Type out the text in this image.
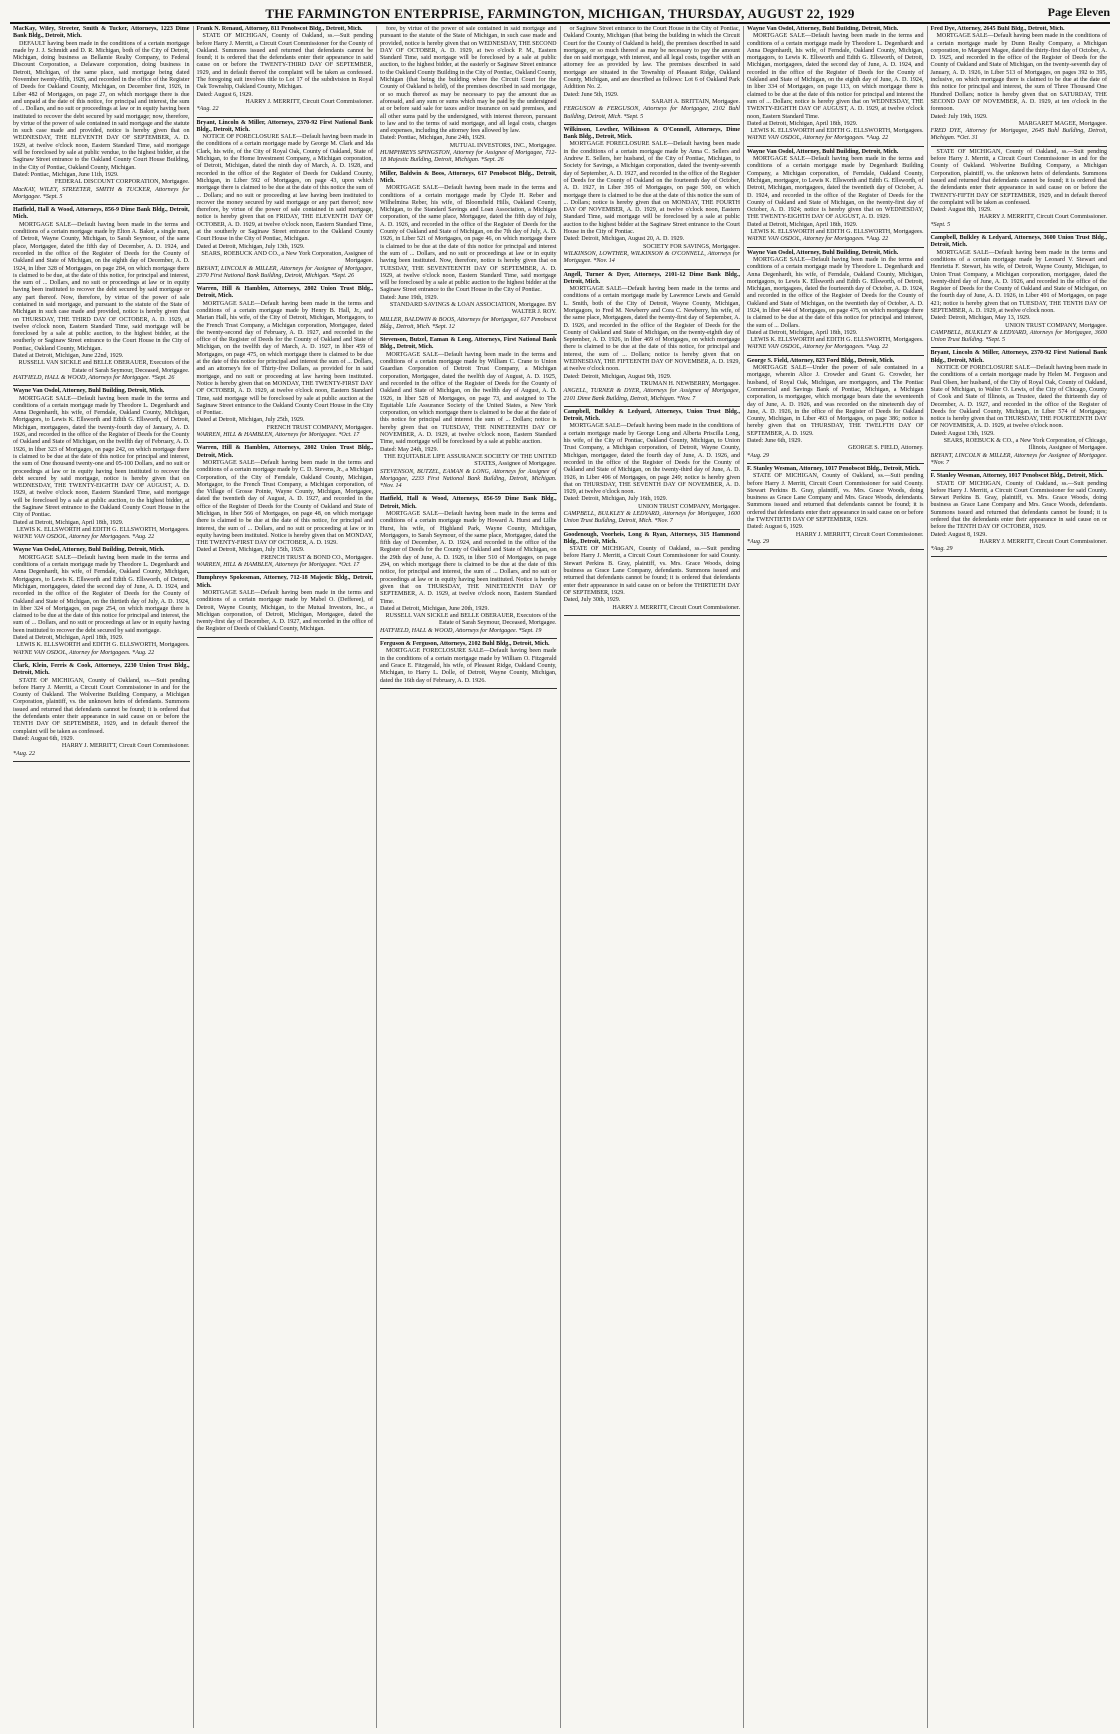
THE FARMINGTON ENTERPRISE, FARMINGTON, MICHIGAN, THURSDAY, AUGUST 22, 1929	Page Eleven
MacKay, Wiley, Streeter, Smith & Tucker, Attorneys, 1223 Dime Bank Bldg., Detroit, Mich.
DEFAULT having been made in the conditions of a certain mortgage made by J. J. Schmidt and D. R. Michigan, both of the City of Detroit, Michigan, doing business as Bellamie Realty Company, to Federal Discount Corporation, a Delaware corporation, doing business in Detroit, Michigan, of the same place, said mortgage being dated November twenty-fifth, 1926, and recorded in the office of the Register of Deeds for Oakland County, Michigan, on December first, 1926, in Liber 482 of Mortgages, on page 27, on which mortgage there is due and unpaid at the date of this notice, for principal and interest, the sum of ... Dollars, and no suit or proceedings at law or in equity having been instituted to recover the debt secured by said mortgage; now, therefore, by virtue of the power of sale contained in said mortgage and the statute in such case made and provided, notice is hereby given that on WEDNESDAY, THE ELEVENTH DAY OF SEPTEMBER, A. D. 1929, at twelve o'clock noon, Eastern Standard Time, said mortgage will be foreclosed by sale at public vendue, to the highest bidder, at the Saginaw Street entrance to the Oakland County Court House Building, in the City of Pontiac, Oakland County, Michigan.
Dated: Pontiac, Michigan, June 11th, 1929.
FEDERAL DISCOUNT CORPORATION, Mortgagee.
MacKAY, WILEY, STREETER, SMITH & TUCKER, Attorneys for Mortgagee. *Sept. 5
Hatfield, Hall & Wood, Attorneys, 856-9 Dime Bank Bldg., Detroit, Mich.
MORTGAGE SALE—Default having been made in the terms and conditions of a certain mortgage made by Elton A. Baker, a single man, of Detroit, Wayne County, Michigan, to Sarah Seymour, of the same place, Mortgagee, dated the fifth day of December, A. D. 1924, and recorded in the office of the Register of Deeds for the County of Oakland and State of Michigan, on the eighth day of December, A. D. 1924, in liber 328 of Mortgages, on page 284, on which mortgage there is claimed to be due, at the date of this notice, for principal and interest, the sum of ... Dollars, and no suit or proceedings at law or in equity having been instituted to recover the debt secured by said mortgage or any part thereof. Now, therefore, by virtue of the power of sale contained in said mortgage, and pursuant to the statute of the State of Michigan in such case made and provided, notice is hereby given that on THURSDAY, THE THIRD DAY OF OCTOBER, A. D. 1929, at twelve o'clock noon, Eastern Standard Time, said mortgage will be foreclosed by a sale at public auction, to the highest bidder, at the southerly or Saginaw Street entrance to the Court House in the City of Pontiac, Oakland County, Michigan.
Dated at Detroit, Michigan, June 22nd, 1929.
RUSSELL VAN SICKLE and BELLE OBERAUER, Executors of the Estate of Sarah Seymour, Deceased, Mortgagee.
HATFIELD, HALL & WOOD, Attorneys for Mortgagee. *Sept. 26
Wayne Van Osdol, Attorney, Buhl Building, Detroit, Mich.
MORTGAGE SALE—Default having been made in the terms and conditions of a certain mortgage made by Theodore L. Degenhardt and Anna Degenhardt, his wife, of Ferndale, Oakland County, Michigan, Mortgagors, to Lewis K. Ellsworth and Edith G. Ellsworth, of Detroit, Michigan, mortgagees, dated the twenty-fourth day of January, A. D. 1926, and recorded in the office of the Register of Deeds for the County of Oakland and State of Michigan, on the twelfth day of February, A. D. 1926, in liber 323 of Mortgages, on page 242, on which mortgage there is claimed to be due at the date of this notice for principal and interest, the sum of One thousand twenty-one and 05-100 Dollars, and no suit or proceedings at law or in equity having been instituted to recover the debt secured by said mortgage, notice is hereby given that on WEDNESDAY, THE TWENTY-EIGHTH DAY OF AUGUST, A. D. 1929, at twelve o'clock noon, Eastern Standard Time, said mortgage will be foreclosed by a sale at public auction, to the highest bidder, at the Saginaw Street entrance to the Oakland County Court House in the City of Pontiac.
Dated at Detroit, Michigan, April 18th, 1929.
LEWIS K. ELLSWORTH and EDITH G. ELLSWORTH, Mortgagees.
WAYNE VAN OSDOL, Attorney for Mortgagees. *Aug. 22
Wayne Van Osdol, Attorney, Buhl Building, Detroit, Mich.
MORTGAGE SALE—Default having been made in the terms and conditions of a certain mortgage made by Theodore L. Degenhardt and Anna Degenhardt, his wife, of Ferndale, Oakland County, Michigan, Mortgagors, to Lewis K. Ellsworth and Edith G. Ellsworth, of Detroit, Michigan, mortgagees, dated the second day of June, A. D. 1924, and recorded in the office of the Register of Deeds for the County of Oakland and State of Michigan, on the thirtieth day of July, A. D. 1924, in liber 324 of Mortgages, on page 254, on which mortgage there is claimed to be due at the date of this notice for principal and interest, the sum of ... Dollars, and no suit or proceedings at law or in equity having been instituted to recover the debt secured by said mortgage.
Dated at Detroit, Michigan, April 18th, 1929.
LEWIS K. ELLSWORTH and EDITH G. ELLSWORTH, Mortgagees.
WAYNE VAN OSDOL, Attorney for Mortgagees. *Aug. 22
Clark, Klein, Ferris & Cook, Attorneys, 2230 Union Trust Bldg., Detroit, Mich.
STATE OF MICHIGAN, County of Oakland, ss.—Suit pending before Harry J. Merritt, a Circuit Court Commissioner in and for the County of Oakland. The Wolverine Building Company, a Michigan Corporation, plaintiff, vs. the unknown heirs of defendants. Summons issued and returned that defendants cannot be found; it is ordered that the defendants enter their appearance in said cause on or before the TENTH DAY OF SEPTEMBER, 1929, and in default thereof the complaint will be taken as confessed.
Dated: August 6th, 1929.
HARRY J. MERRITT, Circuit Court Commissioner.
*Aug. 22
Frank N. Renaud, Attorney, 811 Penobscot Bldg., Detroit, Mich.
STATE OF MICHIGAN, County of Oakland, ss.—Suit pending before Harry J. Merritt, a Circuit Court Commissioner for the County of Oakland. Summons issued and returned that defendants cannot be found; it is ordered that the defendants enter their appearance in said cause on or before the TWENTY-THIRD DAY OF SEPTEMBER, 1929, and in default thereof the complaint will be taken as confessed. The foregoing suit involves title to Lot 17 of the subdivision in Royal Oak Township, Oakland County, Michigan.
Dated: August 6, 1929.
HARRY J. MERRITT, Circuit Court Commissioner.
*Aug. 22
Bryant, Lincoln & Miller, Attorneys, 2370-92 First National Bank Bldg., Detroit, Mich.
NOTICE OF FORECLOSURE SALE—Default having been made in the conditions of a certain mortgage made by George M. Clark and Ida Clark, his wife, of the City of Royal Oak, County of Oakland, State of Michigan, to the Home Investment Company, a Michigan corporation, of Detroit, Michigan, dated the ninth day of March, A. D. 1928, and recorded in the office of the Register of Deeds for Oakland County, Michigan, in Liber 592 of Mortgages, on page 43, upon which mortgage there is claimed to be due at the date of this notice the sum of ... Dollars; and no suit or proceeding at law having been instituted to recover the money secured by said mortgage or any part thereof; now therefore, by virtue of the power of sale contained in said mortgage, notice is hereby given that on FRIDAY, THE ELEVENTH DAY OF OCTOBER, A. D. 1929, at twelve o'clock noon, Eastern Standard Time, at the southerly or Saginaw Street entrance to the Oakland County Court House in the City of Pontiac, Michigan.
Dated at Detroit, Michigan, July 13th, 1929.
SEARS, ROEBUCK AND CO., a New York Corporation, Assignee of Mortgagee.
BRYANT, LINCOLN & MILLER, Attorneys for Assignee of Mortgagee, 2370 First National Bank Building, Detroit, Michigan. *Sept. 26
Warren, Hill & Hamblen, Attorneys, 2802 Union Trust Bldg., Detroit, Mich.
MORTGAGE SALE—Default having been made in the terms and conditions of a certain mortgage made by Henry B. Hall, Jr., and Marian Hall, his wife, of the City of Detroit, Michigan, Mortgagors, to the French Trust Company, a Michigan corporation, Mortgagee, dated the twenty-second day of February, A. D. 1927, and recorded in the office of the Register of Deeds for the County of Oakland and State of Michigan, on the twelfth day of March, A. D. 1927, in liber 459 of Mortgages, on page 475, on which mortgage there is claimed to be due at the date of this notice for principal and interest the sum of ... Dollars, and an attorney's fee of Thirty-five Dollars, as provided for in said mortgage, and no suit or proceeding at law having been instituted. Notice is hereby given that on MONDAY, THE TWENTY-FIRST DAY OF OCTOBER, A. D. 1929, at twelve o'clock noon, Eastern Standard Time, said mortgage will be foreclosed by sale at public auction at the Saginaw Street entrance to the Oakland County Court House in the City of Pontiac.
Dated at Detroit, Michigan, July 25th, 1929.
FRENCH TRUST COMPANY, Mortgagee.
WARREN, HILL & HAMBLEN, Attorneys for Mortgagee. *Oct. 17
Warren, Hill & Hamblen, Attorneys, 2802 Union Trust Bldg., Detroit, Mich.
MORTGAGE SALE—Default having been made in the terms and conditions of a certain mortgage made by C. D. Stevens, Jr., a Michigan Corporation, of the City of Ferndale, Oakland County, Michigan, Mortgagor, to the French Trust Company, a Michigan corporation, of the Village of Grosse Pointe, Wayne County, Michigan, Mortgagee, dated the twentieth day of August, A. D. 1927, and recorded in the office of the Register of Deeds for the County of Oakland and State of Michigan, in liber 566 of Mortgages, on page 48, on which mortgage there is claimed to be due at the date of this notice, for principal and interest, the sum of ... Dollars, and no suit or proceeding at law or in equity having been instituted. Notice is hereby given that on MONDAY, THE TWENTY-FIRST DAY OF OCTOBER, A. D. 1929.
Dated at Detroit, Michigan, July 15th, 1929.
FRENCH TRUST & BOND CO., Mortgagee.
WARREN, HILL & HAMBLEN, Attorneys for Mortgagee. *Oct. 17
Humphreys Spokesman, Attorney, 712-18 Majestic Bldg., Detroit, Mich.
MORTGAGE SALE—Default having been made in the terms and conditions of a certain mortgage made by Mabel O. (Defferee), of Detroit, Wayne County, Michigan, to the Mutual Investors, Inc., a Michigan corporation, of Detroit, Michigan, Mortgagee, dated the twenty-first day of December, A. D. 1927, and recorded in the office of the Register of Deeds of Oakland County, Michigan.
fore, by virtue of the power of sale contained in said mortgage and pursuant to the statute of the State of Michigan, in such case made and provided, notice is hereby given that on WEDNESDAY, THE SECOND DAY OF OCTOBER, A. D. 1929, at two o'clock P. M., Eastern Standard Time, said mortgage will be foreclosed by a sale at public auction, to the highest bidder, at the easterly or Saginaw Street entrance to the Oakland County Building in the City of Pontiac, Oakland County, Michigan (that being the building where the Circuit Court for the County of Oakland is held), of the premises described in said mortgage, or so much thereof as may be necessary to pay the amount due as aforesaid, and any sum or sums which may be paid by the undersigned at or before said sale for taxes and/or insurance on said premises, and all other sums paid by the undersigned, with interest thereon, pursuant to law and to the terms of said mortgage, and all legal costs, charges and expenses, including the attorney fees allowed by law.
Dated: Pontiac, Michigan, June 24th, 1929.
MUTUAL INVESTORS, INC., Mortgagee.
HUMPHREYS SPINGSTON, Attorney for Assignee of Mortgagee, 712-18 Majestic Building, Detroit, Michigan. *Sept. 26
Miller, Baldwin & Boos, Attorneys, 617 Penobscot Bldg., Detroit, Mich.
MORTGAGE SALE—Default having been made in the terms and conditions of a certain mortgage made by Clyde H. Reber and Wilhelmina Reber, his wife, of Bloomfield Hills, Oakland County, Michigan, to the Standard Savings and Loan Association, a Michigan corporation, of the same place, Mortgagee, dated the fifth day of July, A. D. 1926, and recorded in the office of the Register of Deeds for the County of Oakland and State of Michigan, on the 7th day of July, A. D. 1926, in Liber 521 of Mortgages, on page 46, on which mortgage there is claimed to be due at the date of this notice for principal and interest the sum of ... Dollars, and no suit or proceedings at law or in equity having been instituted. Now, therefore, notice is hereby given that on TUESDAY, THE SEVENTEENTH DAY OF SEPTEMBER, A. D. 1929, at twelve o'clock noon, Eastern Standard Time, said mortgage will be foreclosed by a sale at public auction to the highest bidder at the Saginaw Street entrance to the Court House in the City of Pontiac.
Dated: June 19th, 1929.
STANDARD SAVINGS & LOAN ASSOCIATION, Mortgagee. BY WALTER J. ROY.
MILLER, BALDWIN & BOOS, Attorneys for Mortgagee, 617 Penobscot Bldg., Detroit, Mich. *Sept. 12
Stevenson, Butzel, Eaman & Long, Attorneys, First National Bank Bldg., Detroit, Mich.
MORTGAGE SALE—Default having been made in the terms and conditions of a certain mortgage made by William C. Crane to Union Guardian Corporation of Detroit Trust Company, a Michigan corporation, Mortgagee, dated the twelfth day of August, A. D. 1925, and recorded in the office of the Register of Deeds for the County of Oakland and State of Michigan, on the twelfth day of August, A. D. 1926, in liber 528 of Mortgages, on page 73, and assigned to The Equitable Life Assurance Society of the United States, a New York corporation, on which mortgage there is claimed to be due at the date of this notice for principal and interest the sum of ... Dollars; notice is hereby given that on TUESDAY, THE NINETEENTH DAY OF NOVEMBER, A. D. 1929, at twelve o'clock noon, Eastern Standard Time, said mortgage will be foreclosed by a sale at public auction.
Dated: May 24th, 1929.
THE EQUITABLE LIFE ASSURANCE SOCIETY OF THE UNITED STATES, Assignee of Mortgagee.
STEVENSON, BUTZEL, EAMAN & LONG, Attorneys for Assignee of Mortgagee, 2233 First National Bank Building, Detroit, Michigan. *Nov. 14
Hatfield, Hall & Wood, Attorneys, 856-59 Dime Bank Bldg., Detroit, Mich.
MORTGAGE SALE—Default having been made in the terms and conditions of a certain mortgage made by Howard A. Hurst and Lillie Hurst, his wife, of Highland Park, Wayne County, Michigan, Mortgagors, to Sarah Seymour, of the same place, Mortgagee, dated the fifth day of December, A. D. 1924, and recorded in the office of the Register of Deeds for the County of Oakland and State of Michigan, on the 29th day of June, A. D. 1926, in liber 510 of Mortgages, on page 294, on which mortgage there is claimed to be due at the date of this notice, for principal and interest, the sum of ... Dollars, and no suit or proceedings at law or in equity having been instituted. Notice is hereby given that on THURSDAY, THE NINETEENTH DAY OF SEPTEMBER, A. D. 1929, at twelve o'clock noon, Eastern Standard Time.
Dated at Detroit, Michigan, June 20th, 1929.
RUSSELL VAN SICKLE and BELLE OBERAUER, Executors of the Estate of Sarah Seymour, Deceased, Mortgagee.
HATFIELD, HALL & WOOD, Attorneys for Mortgagee. *Sept. 19
Ferguson & Ferguson, Attorneys, 2102 Buhl Bldg., Detroit, Mich.
MORTGAGE FORECLOSURE SALE—Default having been made in the conditions of a certain mortgage made by William O. Fitzgerald and Grace E. Fitzgerald, his wife, of Pleasant Ridge, Oakland County, Michigan, to Harry L. Dolle, of Detroit, Wayne County, Michigan, dated the 16th day of February, A. D. 1926.
or Saginaw Street entrance to the Court House in the City of Pontiac, Oakland County, Michigan (that being the building in which the Circuit Court for the County of Oakland is held), the premises described in said mortgage, or so much thereof as may be necessary to pay the amount due on said mortgage, with interest, and all legal costs, together with an attorney fee as provided by law. The premises described in said mortgage are situated in the Township of Pleasant Ridge, Oakland County, Michigan, and are described as follows: Lot 6 of Oakland Park Addition No. 2.
Dated: June 5th, 1929.
SARAH A. BRITTAIN, Mortgagee.
FERGUSON & FERGUSON, Attorneys for Mortgagee, 2102 Buhl Building, Detroit, Mich. *Sept. 5
Wilkinson, Lowther, Wilkinson & O'Connell, Attorneys, Dime Bank Bldg., Detroit, Mich.
MORTGAGE FORECLOSURE SALE—Default having been made in the conditions of a certain mortgage made by Anna C. Sellers and Andrew E. Sellers, her husband, of the City of Pontiac, Michigan, to Society for Savings, a Michigan corporation, dated the twenty-seventh day of September, A. D. 1927, and recorded in the office of the Register of Deeds for the County of Oakland on the fourteenth day of October, A. D. 1927, in Liber 395 of Mortgages, on page 500, on which mortgage there is claimed to be due at the date of this notice the sum of ... Dollars; notice is hereby given that on MONDAY, THE FOURTH DAY OF NOVEMBER, A. D. 1929, at twelve o'clock noon, Eastern Standard Time, said mortgage will be foreclosed by a sale at public auction to the highest bidder at the Saginaw Street entrance to the Court House in the City of Pontiac.
Dated: Detroit, Michigan, August 20, A. D. 1929.
SOCIETY FOR SAVINGS, Mortgagee.
WILKINSON, LOWTHER, WILKINSON & O'CONNELL, Attorneys for Mortgagee. *Nov. 14
Angell, Turner & Dyer, Attorneys, 2101-12 Dime Bank Bldg., Detroit, Mich.
MORTGAGE SALE—Default having been made in the terms and conditions of a certain mortgage made by Lawrence Lewis and Gerald L. Smith, both of the City of Detroit, Wayne County, Michigan, Mortgagors, to Fred M. Newberry and Cora C. Newberry, his wife, of the same place, Mortgagees, dated the twenty-first day of September, A. D. 1926, and recorded in the office of the Register of Deeds for the County of Oakland and State of Michigan, on the twenty-eighth day of September, A. D. 1926, in liber 469 of Mortgages, on which mortgage there is claimed to be due at the date of this notice, for principal and interest, the sum of ... Dollars; notice is hereby given that on WEDNESDAY, THE FIFTEENTH DAY OF NOVEMBER, A. D. 1929, at twelve o'clock noon.
Dated: Detroit, Michigan, August 9th, 1929.
TRUMAN H. NEWBERRY, Mortgagee.
ANGELL, TURNER & DYER, Attorneys for Assignee of Mortgagee, 2101 Dime Bank Building, Detroit, Michigan. *Nov. 7
Campbell, Bulkley & Ledyard, Attorneys, Union Trust Bldg., Detroit, Mich.
MORTGAGE SALE—Default having been made in the conditions of a certain mortgage made by George Long and Alberta Priscilla Long, his wife, of the City of Pontiac, Oakland County, Michigan, to Union Trust Company, a Michigan corporation, of Detroit, Wayne County, Michigan, mortgagee, dated the fourth day of June, A. D. 1926, and recorded in the office of the Register of Deeds for the County of Oakland and State of Michigan, on the twenty-third day of June, A. D. 1926, in Liber 496 of Mortgages, on page 249; notice is hereby given that on THURSDAY, THE SEVENTH DAY OF NOVEMBER, A. D. 1929, at twelve o'clock noon.
Dated: Detroit, Michigan, July 16th, 1929.
UNION TRUST COMPANY, Mortgagee.
CAMPBELL, BULKLEY & LEDYARD, Attorneys for Mortgagee, 1600 Union Trust Building, Detroit, Mich. *Nov. 7
Goodenough, Voorheis, Long & Ryan, Attorneys, 315 Hammond Bldg., Detroit, Mich.
STATE OF MICHIGAN, County of Oakland, ss.—Suit pending before Harry J. Merritt, a Circuit Court Commissioner for said County. Stewart Perkins B. Gray, plaintiff, vs. Mrs. Grace Woods, doing business as Grace Lane Company, defendants. Summons issued and returned that defendants cannot be found; it is ordered that defendants enter their appearance in said cause on or before the THIRTIETH DAY OF SEPTEMBER, 1929.
Dated, July 30th, 1929.
HARRY J. MERRITT, Circuit Court Commissioner.
Wayne Van Osdol, Attorney, Buhl Building, Detroit, Mich.
MORTGAGE SALE—Default having been made in the terms and conditions of a certain mortgage made by Theodore L. Degenhardt and Anna Degenhardt, his wife, of Ferndale, Oakland County, Michigan, mortgagors, to Lewis K. Ellsworth and Edith G. Ellsworth, of Detroit, Michigan, mortgagees, dated the second day of June, A. D. 1924, and recorded in the office of the Register of Deeds for the County of Oakland and State of Michigan, on the eighth day of June, A. D. 1924, in liber 334 of Mortgages, on page 113, on which mortgage there is claimed to be due at the date of this notice for principal and interest the sum of ... Dollars; notice is hereby given that on WEDNESDAY, THE TWENTY-EIGHTH DAY OF AUGUST, A. D. 1929, at twelve o'clock noon, Eastern Standard Time.
Dated at Detroit, Michigan, April 18th, 1929.
LEWIS K. ELLSWORTH and EDITH G. ELLSWORTH, Mortgagees.
WAYNE VAN OSDOL, Attorney for Mortgagees. *Aug. 22
Wayne Van Osdol, Attorney, Buhl Building, Detroit, Mich.
MORTGAGE SALE—Default having been made in the terms and conditions of a certain mortgage made by Degenhardt Building Company, a Michigan corporation, of Ferndale, Oakland County, Michigan, mortgagor, to Lewis K. Ellsworth and Edith G. Ellsworth, of Detroit, Michigan, mortgagees, dated the twentieth day of October, A. D. 1924, and recorded in the office of the Register of Deeds for the County of Oakland and State of Michigan, on the twenty-first day of October, A. D. 1924; notice is hereby given that on WEDNESDAY, THE TWENTY-EIGHTH DAY OF AUGUST, A. D. 1929.
Dated at Detroit, Michigan, April 18th, 1929.
LEWIS K. ELLSWORTH and EDITH G. ELLSWORTH, Mortgagees.
WAYNE VAN OSDOL, Attorney for Mortgagees. *Aug. 22
Wayne Van Osdol, Attorney, Buhl Building, Detroit, Mich.
MORTGAGE SALE—Default having been made in the terms and conditions of a certain mortgage made by Theodore L. Degenhardt and Anna Degenhardt, his wife, of Ferndale, Oakland County, Michigan, mortgagors, to Lewis K. Ellsworth and Edith G. Ellsworth, of Detroit, Michigan, mortgagees, dated the fourteenth day of October, A. D. 1924, and recorded in the office of the Register of Deeds for the County of Oakland and State of Michigan, on the twentieth day of October, A. D. 1924, in liber 444 of Mortgages, on page 475, on which mortgage there is claimed to be due at the date of this notice for principal and interest, the sum of ... Dollars.
Dated at Detroit, Michigan, April 18th, 1929.
LEWIS K. ELLSWORTH and EDITH G. ELLSWORTH, Mortgagees.
WAYNE VAN OSDOL, Attorney for Mortgagees. *Aug. 22
George S. Field, Attorney, 823 Ford Bldg., Detroit, Mich.
MORTGAGE SALE—Under the power of sale contained in a mortgage, wherein Alice J. Crowder and Grant G. Crowder, her husband, of Royal Oak, Michigan, are mortgagors, and The Pontiac Commercial and Savings Bank of Pontiac, Michigan, a Michigan corporation, is mortgagee, which mortgage bears date the seventeenth day of June, A. D. 1926, and was recorded on the nineteenth day of June, A. D. 1926, in the office of the Register of Deeds for Oakland County, Michigan, in Liber 493 of Mortgages, on page 386; notice is hereby given that on THURSDAY, THE TWELFTH DAY OF SEPTEMBER, A. D. 1929.
Dated: June 6th, 1929.
GEORGE S. FIELD, Attorney.
*Aug. 29
F. Stanley Wesman, Attorney, 1017 Penobscot Bldg., Detroit, Mich.
STATE OF MICHIGAN, County of Oakland, ss.—Suit pending before Harry J. Merritt, Circuit Court Commissioner for said County. Stewart Perkins B. Gray, plaintiff, vs. Mrs. Grace Woods, doing business as Grace Lane Company and Mrs. Grace Woods, defendants. Summons issued and returned that defendants cannot be found; it is ordered that defendants enter their appearance in said cause on or before the TWENTIETH DAY OF SEPTEMBER, 1929.
Dated: August 6, 1929.
HARRY J. MERRITT, Circuit Court Commissioner.
*Aug. 29
Fred Dye, Attorney, 2645 Buhl Bldg., Detroit, Mich.
MORTGAGE SALE—Default having been made in the conditions of a certain mortgage made by Dunn Realty Company, a Michigan corporation, to Margaret Magee, dated the thirty-first day of October, A. D. 1925, and recorded in the office of the Register of Deeds for the County of Oakland and State of Michigan, on the twenty-seventh day of January, A. D. 1926, in Liber 513 of Mortgages, on pages 392 to 395, inclusive, on which mortgage there is claimed to be due at the date of this notice for principal and interest, the sum of Three Thousand One Hundred Dollars; notice is hereby given that on SATURDAY, THE SECOND DAY OF NOVEMBER, A. D. 1929, at ten o'clock in the forenoon.
Dated: July 19th, 1929.
MARGARET MAGEE, Mortgagee.
FRED DYE, Attorney for Mortgagee, 2645 Buhl Building, Detroit, Michigan. *Oct. 31
STATE OF MICHIGAN, County of Oakland, ss.—Suit pending before Harry J. Merritt, a Circuit Court Commissioner in and for the County of Oakland. Wolverine Building Company, a Michigan Corporation, plaintiff, vs. the unknown heirs of defendants. Summons issued and returned that defendants cannot be found; it is ordered that the defendants enter their appearance in said cause on or before the TWENTY-FIFTH DAY OF SEPTEMBER, 1929, and in default thereof the complaint will be taken as confessed.
Dated: August 8th, 1929.
HARRY J. MERRITT, Circuit Court Commissioner.
*Sept. 5
Campbell, Bulkley & Ledyard, Attorneys, 3600 Union Trust Bldg., Detroit, Mich.
MORTGAGE SALE—Default having been made in the terms and conditions of a certain mortgage made by Leonard V. Stewart and Henrietta F. Stewart, his wife, of Detroit, Wayne County, Michigan, to Union Trust Company, a Michigan corporation, mortgagee, dated the twenty-third day of June, A. D. 1926, and recorded in the office of the Register of Deeds for the County of Oakland and State of Michigan, on the fourth day of June, A. D. 1926, in Liber 491 of Mortgages, on page 421; notice is hereby given that on TUESDAY, THE TENTH DAY OF SEPTEMBER, A. D. 1929, at twelve o'clock noon.
Dated: Detroit, Michigan, May 13, 1929.
UNION TRUST COMPANY, Mortgagee.
CAMPBELL, BULKLEY & LEDYARD, Attorneys for Mortgagee, 3600 Union Trust Building. *Sept. 5
Bryant, Lincoln & Miller, Attorneys, 2370-92 First National Bank Bldg., Detroit, Mich.
NOTICE OF FORECLOSURE SALE—Default having been made in the conditions of a certain mortgage made by Helen M. Ferguson and Paul Olsen, her husband, of the City of Royal Oak, County of Oakland, State of Michigan, to Walter O. Lewis, of the City of Chicago, County of Cook and State of Illinois, as Trustee, dated the thirteenth day of December, A. D. 1927, and recorded in the office of the Register of Deeds for Oakland County, Michigan, in Liber 574 of Mortgages; notice is hereby given that on THURSDAY, THE FOURTEENTH DAY OF NOVEMBER, A. D. 1929, at twelve o'clock noon.
Dated: August 13th, 1929.
SEARS, ROEBUCK & CO., a New York Corporation, of Chicago, Illinois, Assignee of Mortgagee.
BRYANT, LINCOLN & MILLER, Attorneys for Assignee of Mortgagee. *Nov. 7
F. Stanley Wesman, Attorney, 1017 Penobscot Bldg., Detroit, Mich.
STATE OF MICHIGAN, County of Oakland, ss.—Suit pending before Harry J. Merritt, a Circuit Court Commissioner for said County. Stewart Perkins B. Gray, plaintiff, vs. Mrs. Grace Woods, doing business as Grace Lane Company and Mrs. Grace Woods, defendants. Summons issued and returned that defendants cannot be found; it is ordered that the defendants enter their appearance in said cause on or before the TENTH DAY OF OCTOBER, 1929.
Dated: August 8, 1929.
HARRY J. MERRITT, Circuit Court Commissioner.
*Aug. 29
